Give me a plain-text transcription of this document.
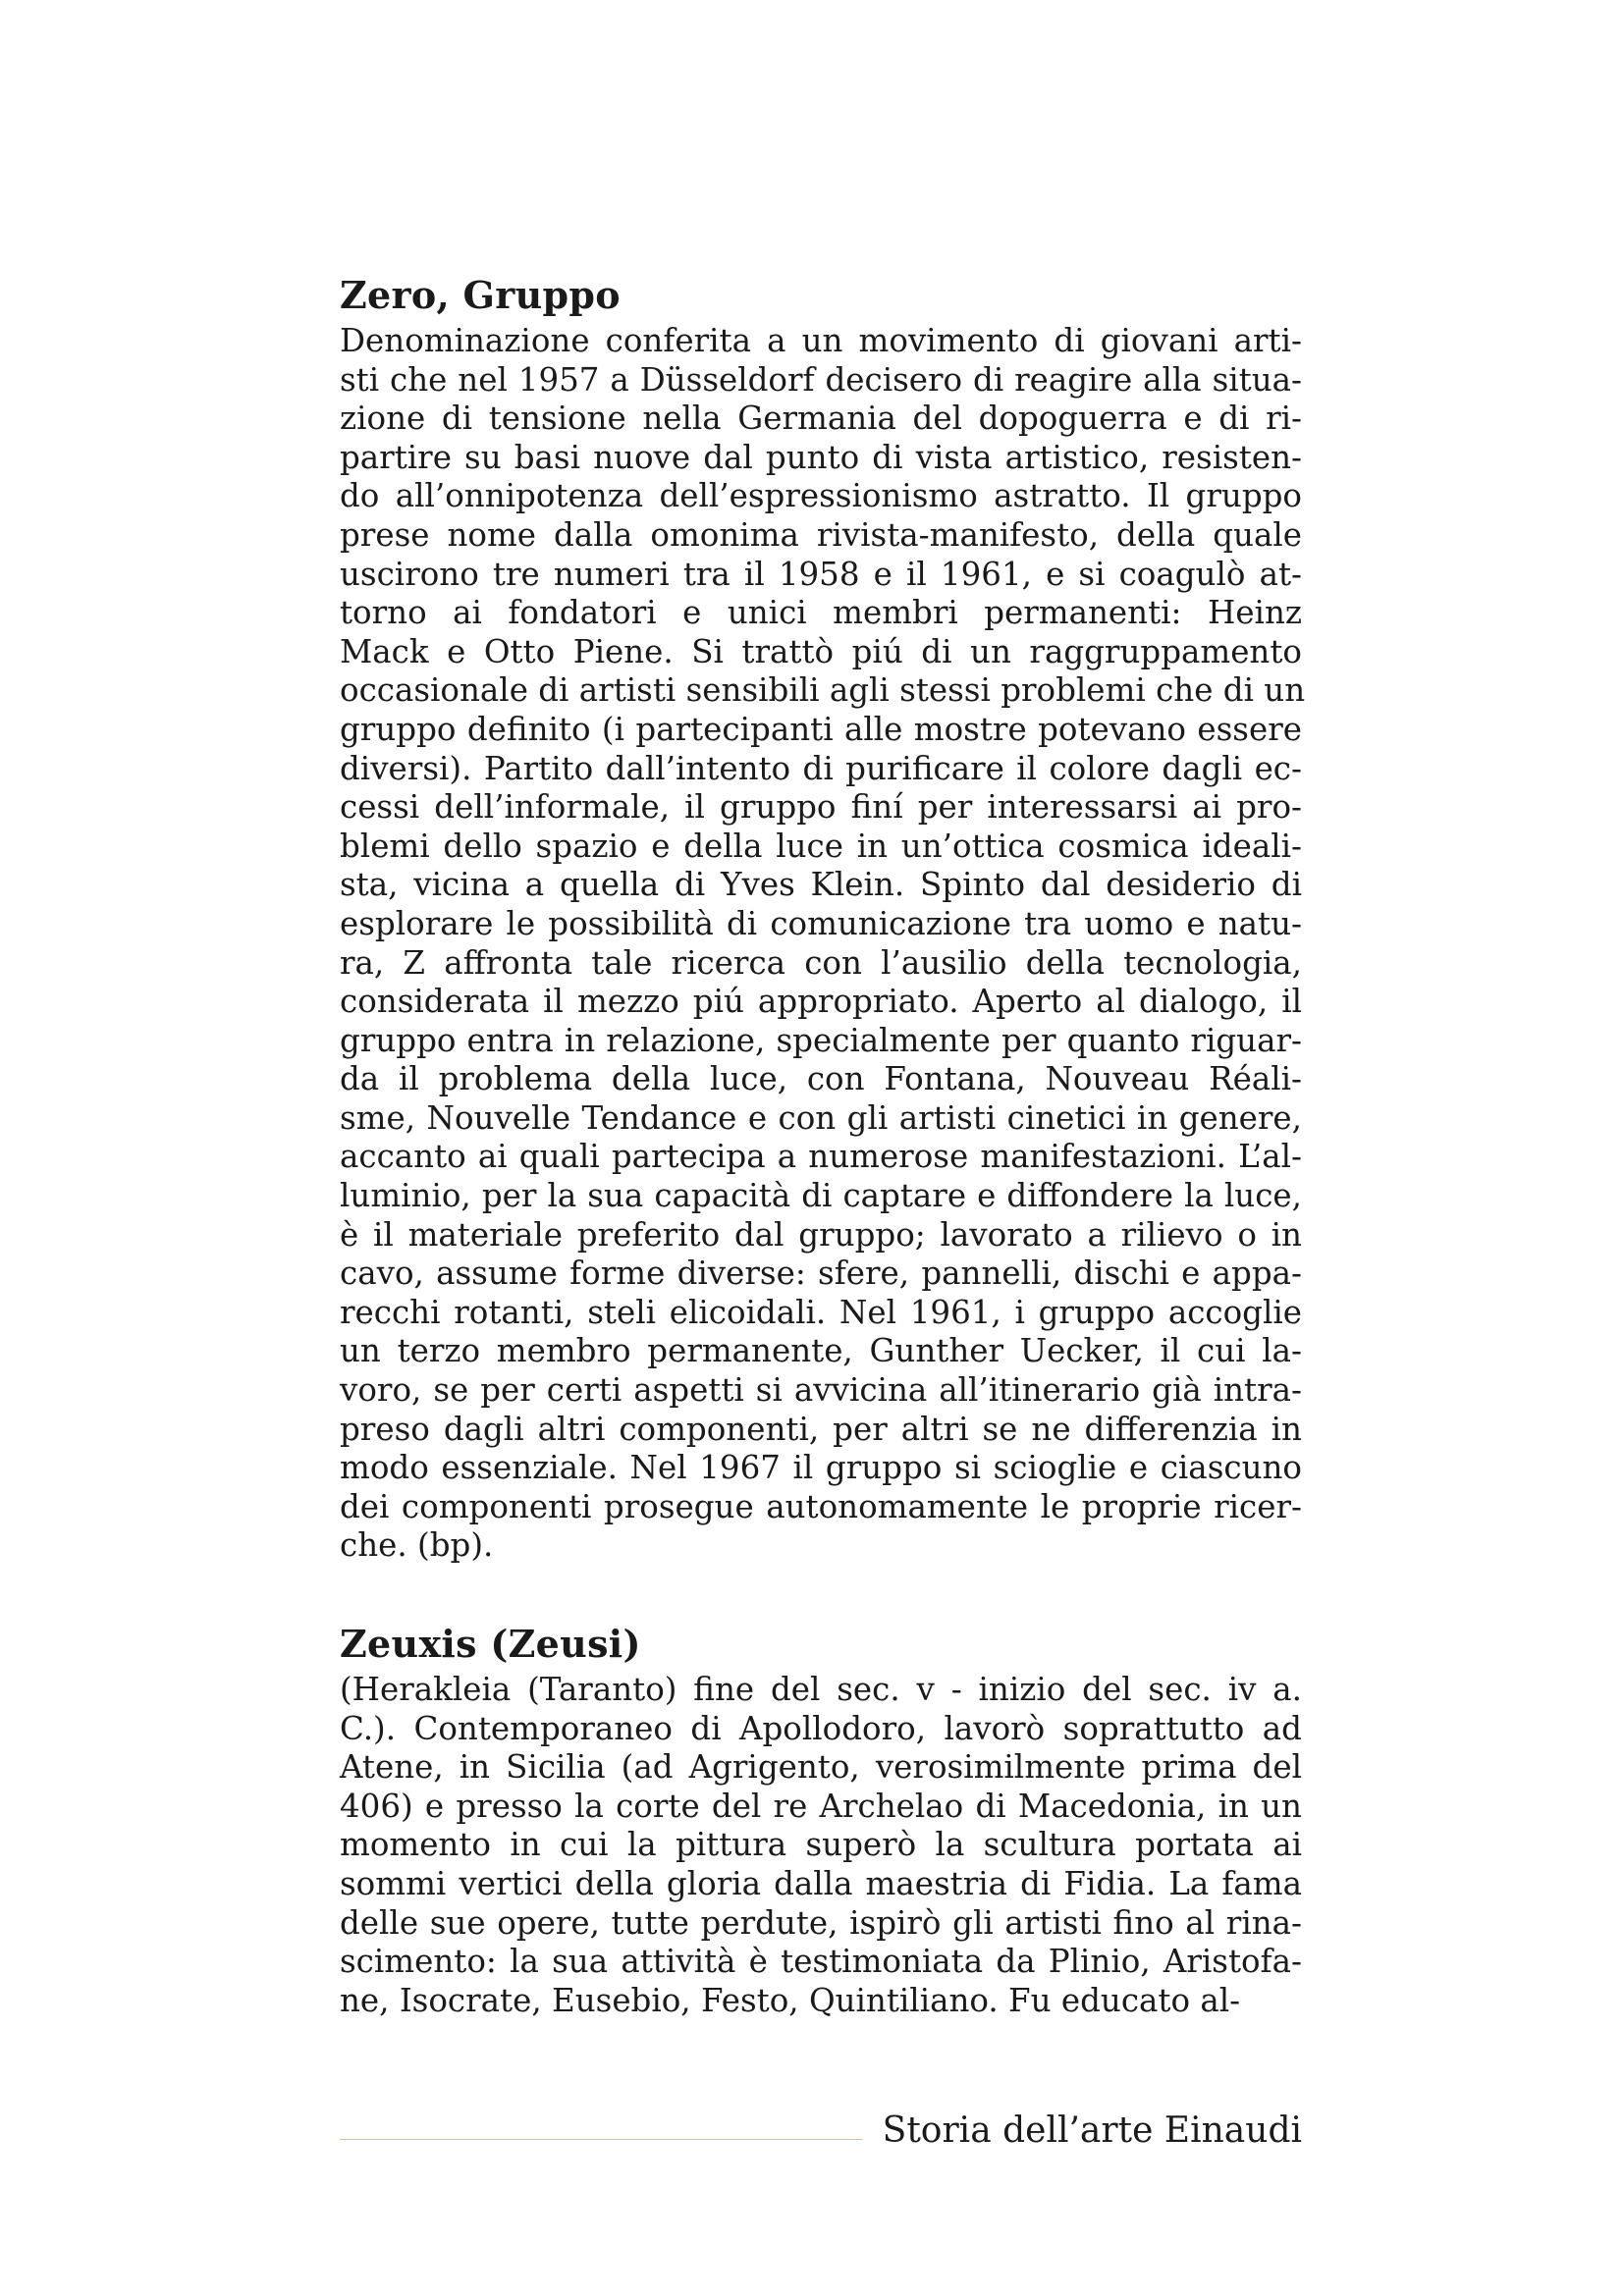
Zero, Gruppo
Denominazione conferita a un movimento di giovani arti-
sti che nel 1957 a Düsseldorf decisero di reagire alla situa-
zione di tensione nella Germania del dopoguerra e di ri-
partire su basi nuove dal punto di vista artistico, resisten-
do all’onnipotenza dell’espressionismo astratto. Il gruppo
prese nome dalla omonima rivista-manifesto, della quale
uscirono tre numeri tra il 1958 e il 1961, e si coagulò at-
torno ai fondatori e unici membri permanenti: Heinz
Mack e Otto Piene. Si trattò piú di un raggruppamento
occasionale di artisti sensibili agli stessi problemi che di un
gruppo definito (i partecipanti alle mostre potevano essere
diversi). Partito dall’intento di purificare il colore dagli ec-
cessi dell’informale, il gruppo finí per interessarsi ai pro-
blemi dello spazio e della luce in un’ottica cosmica ideali-
sta, vicina a quella di Yves Klein. Spinto dal desiderio di
esplorare le possibilità di comunicazione tra uomo e natu-
ra, Z affronta tale ricerca con l’ausilio della tecnologia,
considerata il mezzo piú appropriato. Aperto al dialogo, il
gruppo entra in relazione, specialmente per quanto riguar-
da il problema della luce, con Fontana, Nouveau Réali-
sme, Nouvelle Tendance e con gli artisti cinetici in genere,
accanto ai quali partecipa a numerose manifestazioni. L’al-
luminio, per la sua capacità di captare e diffondere la luce,
è il materiale preferito dal gruppo; lavorato a rilievo o in
cavo, assume forme diverse: sfere, pannelli, dischi e appa-
recchi rotanti, steli elicoidali. Nel 1961, i gruppo accoglie
un terzo membro permanente, Gunther Uecker, il cui la-
voro, se per certi aspetti si avvicina all’itinerario già intra-
preso dagli altri componenti, per altri se ne differenzia in
modo essenziale. Nel 1967 il gruppo si scioglie e ciascuno
dei componenti prosegue autonomamente le proprie ricer-
che. (bp).
Zeuxis (Zeusi)
(Herakleia (Taranto) fine del sec. v - inizio del sec. iv a.
C.). Contemporaneo di Apollodoro, lavorò soprattutto ad
Atene, in Sicilia (ad Agrigento, verosimilmente prima del
406) e presso la corte del re Archelao di Macedonia, in un
momento in cui la pittura superò la scultura portata ai
sommi vertici della gloria dalla maestria di Fidia. La fama
delle sue opere, tutte perdute, ispirò gli artisti fino al rina-
scimento: la sua attività è testimoniata da Plinio, Aristofa-
ne, Isocrate, Eusebio, Festo, Quintiliano. Fu educato al-
Storia dell’arte Einaudi
